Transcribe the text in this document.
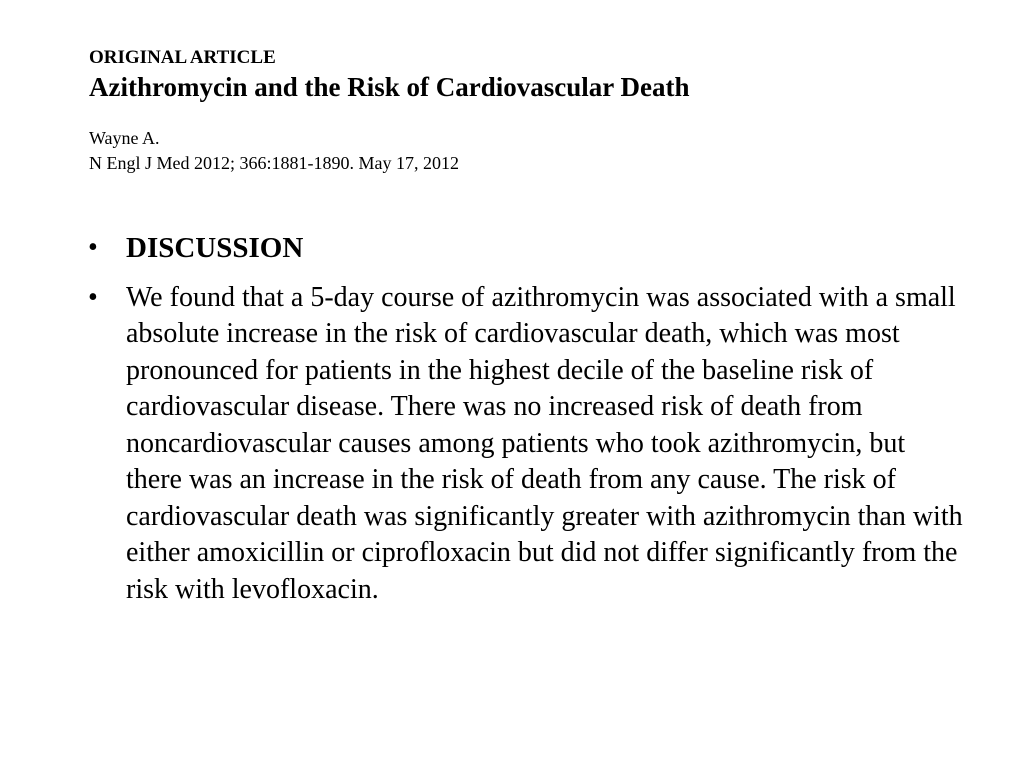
ORIGINAL ARTICLE

Azithromycin and the Risk of Cardiovascular Death

Wayne A.
N Engl J Med 2012; 366:1881-1890. May 17, 2012
• DISCUSSION
•	We found that a 5-day course of azithromycin was associated with a small absolute increase in the risk of cardiovascular death, which was most pronounced for patients in the highest decile of the baseline risk of cardiovascular disease. There was no increased risk of death from noncardiovascular causes among patients who took azithromycin, but there was an increase in the risk of death from any cause. The risk of cardiovascular death was significantly greater with azithromycin than with either amoxicillin or ciprofloxacin but did not differ significantly from the risk with levofloxacin.
